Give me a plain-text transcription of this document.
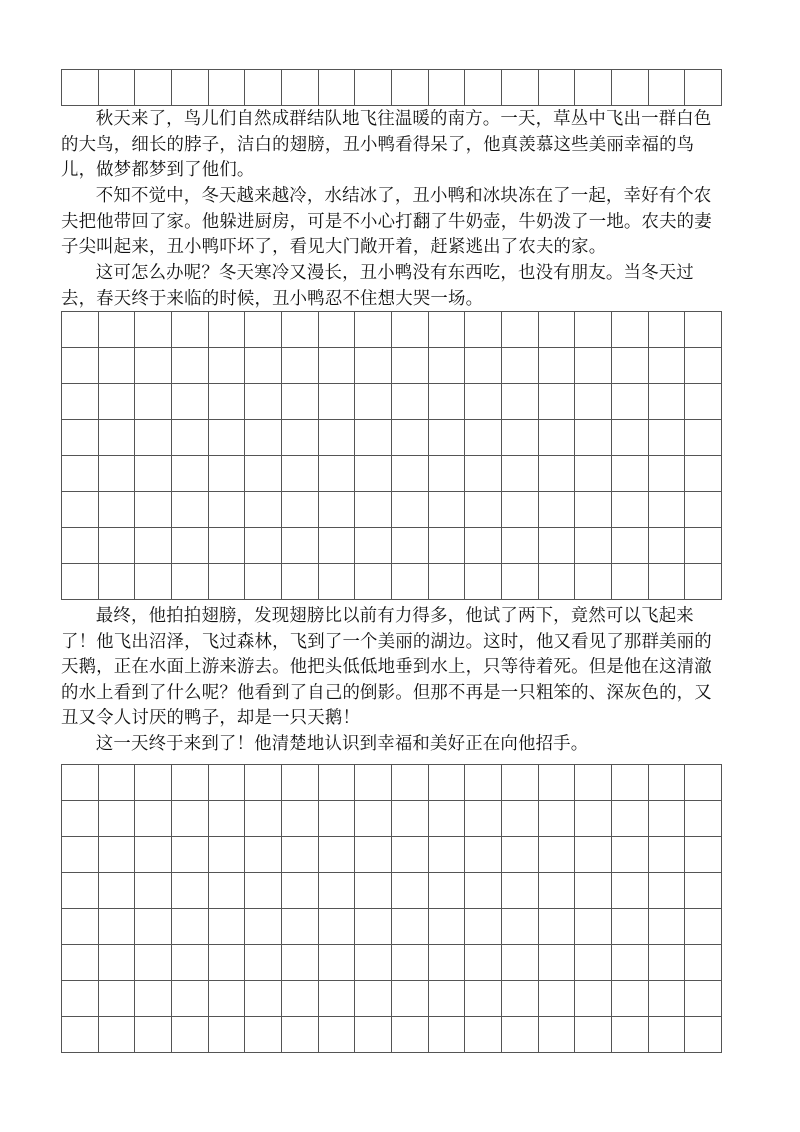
秋天来了，鸟儿们自然成群结队地飞往温暖的南方。一天，草丛中飞出一群白色的大鸟，细长的脖子，洁白的翅膀，丑小鸭看得呆了，他真羡慕这些美丽幸福的鸟儿，做梦都梦到了他们。

不知不觉中，冬天越来越冷，水结冰了，丑小鸭和冰块冻在了一起，幸好有个农夫把他带回了家。他躲进厨房，可是不小心打翻了牛奶壶，牛奶泼了一地。农夫的妻子尖叫起来，丑小鸭吓坏了，看见大门敞开着，赶紧逃出了农夫的家。

这可怎么办呢？冬天寒冷又漫长，丑小鸭没有东西吃，也没有朋友。当冬天过去，春天终于来临的时候，丑小鸭忍不住想大哭一场。

最终，他拍拍翅膀，发现翅膀比以前有力得多，他试了两下，竟然可以飞起来了！他飞出沼泽，飞过森林，飞到了一个美丽的湖边。这时，他又看见了那群美丽的天鹅，正在水面上游来游去。他把头低低地垂到水上，只等待着死。但是他在这清澈的水上看到了什么呢？他看到了自己的倒影。但那不再是一只粗笨的、深灰色的，又丑又令人讨厌的鸭子，却是一只天鹅！

这一天终于来到了！他清楚地认识到幸福和美好正在向他招手。
